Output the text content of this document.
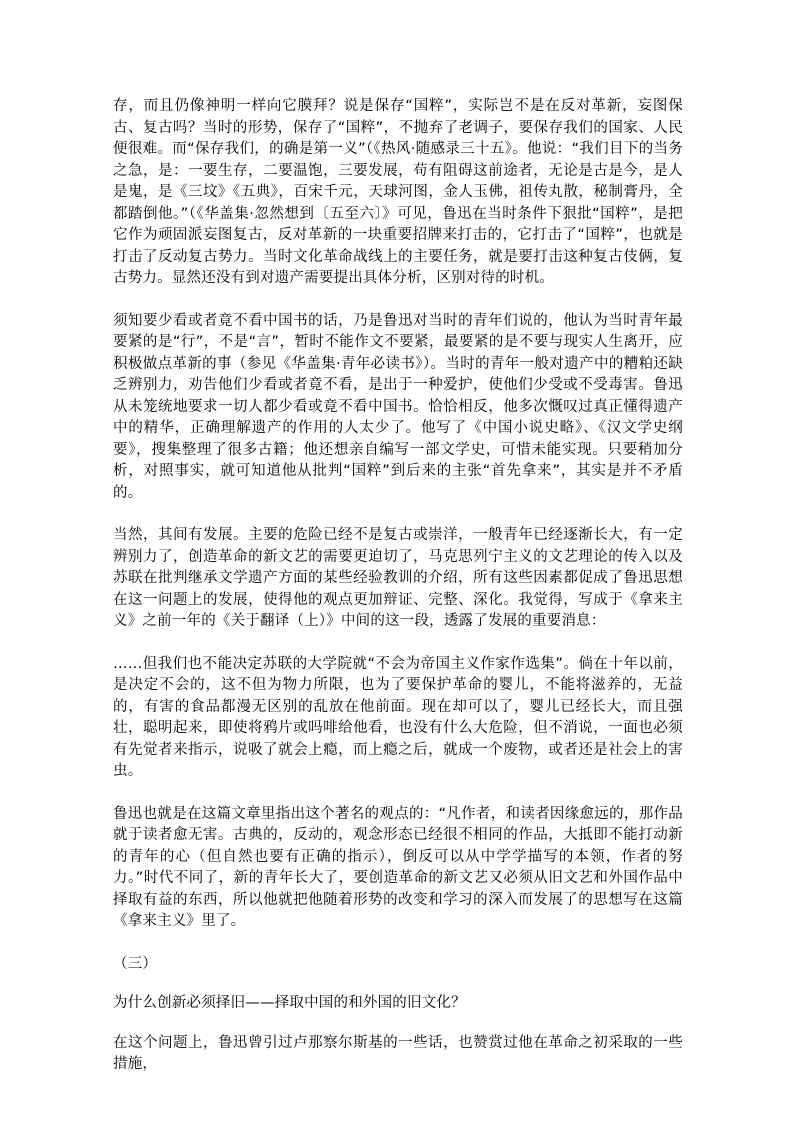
存，而且仍像神明一样向它膜拜？说是保存“国粹”，实际岂不是在反对革新，妄图保古、复古吗？当时的形势，保存了“国粹”，不抛弃了老调子，要保存我们的国家、人民便很难。而“保存我们，的确是第一义”（《热风·随感录三十五》。他说：“我们目下的当务之急，是：一要生存，二要温饱，三要发展，苟有阻碍这前途者，无论是古是今，是人是鬼，是《三坟》《五典》，百宋千元，天球河图，金人玉佛，祖传丸散，秘制膏丹，全都踏倒他。”（《华盖集·忽然想到〔五至六〕》可见，鲁迅在当时条件下狠批“国粹”，是把它作为顽固派妄图复古，反对革新的一块重要招牌来打击的，它打击了“国粹”，也就是打击了反动复古势力。当时文化革命战线上的主要任务，就是要打击这种复古伎俩，复古势力。显然还没有到对遗产需要提出具体分析，区别对待的时机。

须知要少看或者竟不看中国书的话，乃是鲁迅对当时的青年们说的，他认为当时青年最要紧的是“行”，不是“言”，暂时不能作文不要紧，最要紧的是不要与现实人生离开，应积极做点革新的事（参见《华盖集·青年必读书》）。当时的青年一般对遗产中的糟粕还缺乏辨别力，劝告他们少看或者竟不看，是出于一种爱护，使他们少受或不受毒害。鲁迅从未笼统地要求一切人都少看或竟不看中国书。恰恰相反，他多次慨叹过真正懂得遗产中的精华，正确理解遗产的作用的人太少了。他写了《中国小说史略》、《汉文学史纲要》，搜集整理了很多古籍；他还想亲自编写一部文学史，可惜未能实现。只要稍加分析，对照事实，就可知道他从批判“国粹”到后来的主张“首先拿来”，其实是并不矛盾的。

当然，其间有发展。主要的危险已经不是复古或崇洋，一般青年已经逐渐长大，有一定辨别力了，创造革命的新文艺的需要更迫切了，马克思列宁主义的文艺理论的传入以及苏联在批判继承文学遗产方面的某些经验教训的介绍，所有这些因素都促成了鲁迅思想在这一问题上的发展，使得他的观点更加辩证、完整、深化。我觉得，写成于《拿来主义》之前一年的《关于翻译（上）》中间的这一段，透露了发展的重要消息：

……但我们也不能决定苏联的大学院就“不会为帝国主义作家作选集”。倘在十年以前，是决定不会的，这不但为物力所限，也为了要保护革命的婴儿，不能将滋养的，无益的，有害的食品都漫无区别的乱放在他前面。现在却可以了，婴儿已经长大，而且强壮，聪明起来，即使将鸦片或吗啡给他看，也没有什么大危险，但不消说，一面也必须有先觉者来指示，说吸了就会上瘾，而上瘾之后，就成一个废物，或者还是社会上的害虫。

鲁迅也就是在这篇文章里指出这个著名的观点的：“凡作者，和读者因缘愈远的，那作品就于读者愈无害。古典的，反动的，观念形态已经很不相同的作品，大抵即不能打动新的青年的心（但自然也要有正确的指示），倒反可以从中学学描写的本领，作者的努力。”时代不同了，新的青年长大了，要创造革命的新文艺又必须从旧文艺和外国作品中择取有益的东西，所以他就把他随着形势的改变和学习的深入而发展了的思想写在这篇《拿来主义》里了。

（三）

为什么创新必须择旧——择取中国的和外国的旧文化？

在这个问题上，鲁迅曾引过卢那察尔斯基的一些话，也赞赏过他在革命之初采取的一些措施，
